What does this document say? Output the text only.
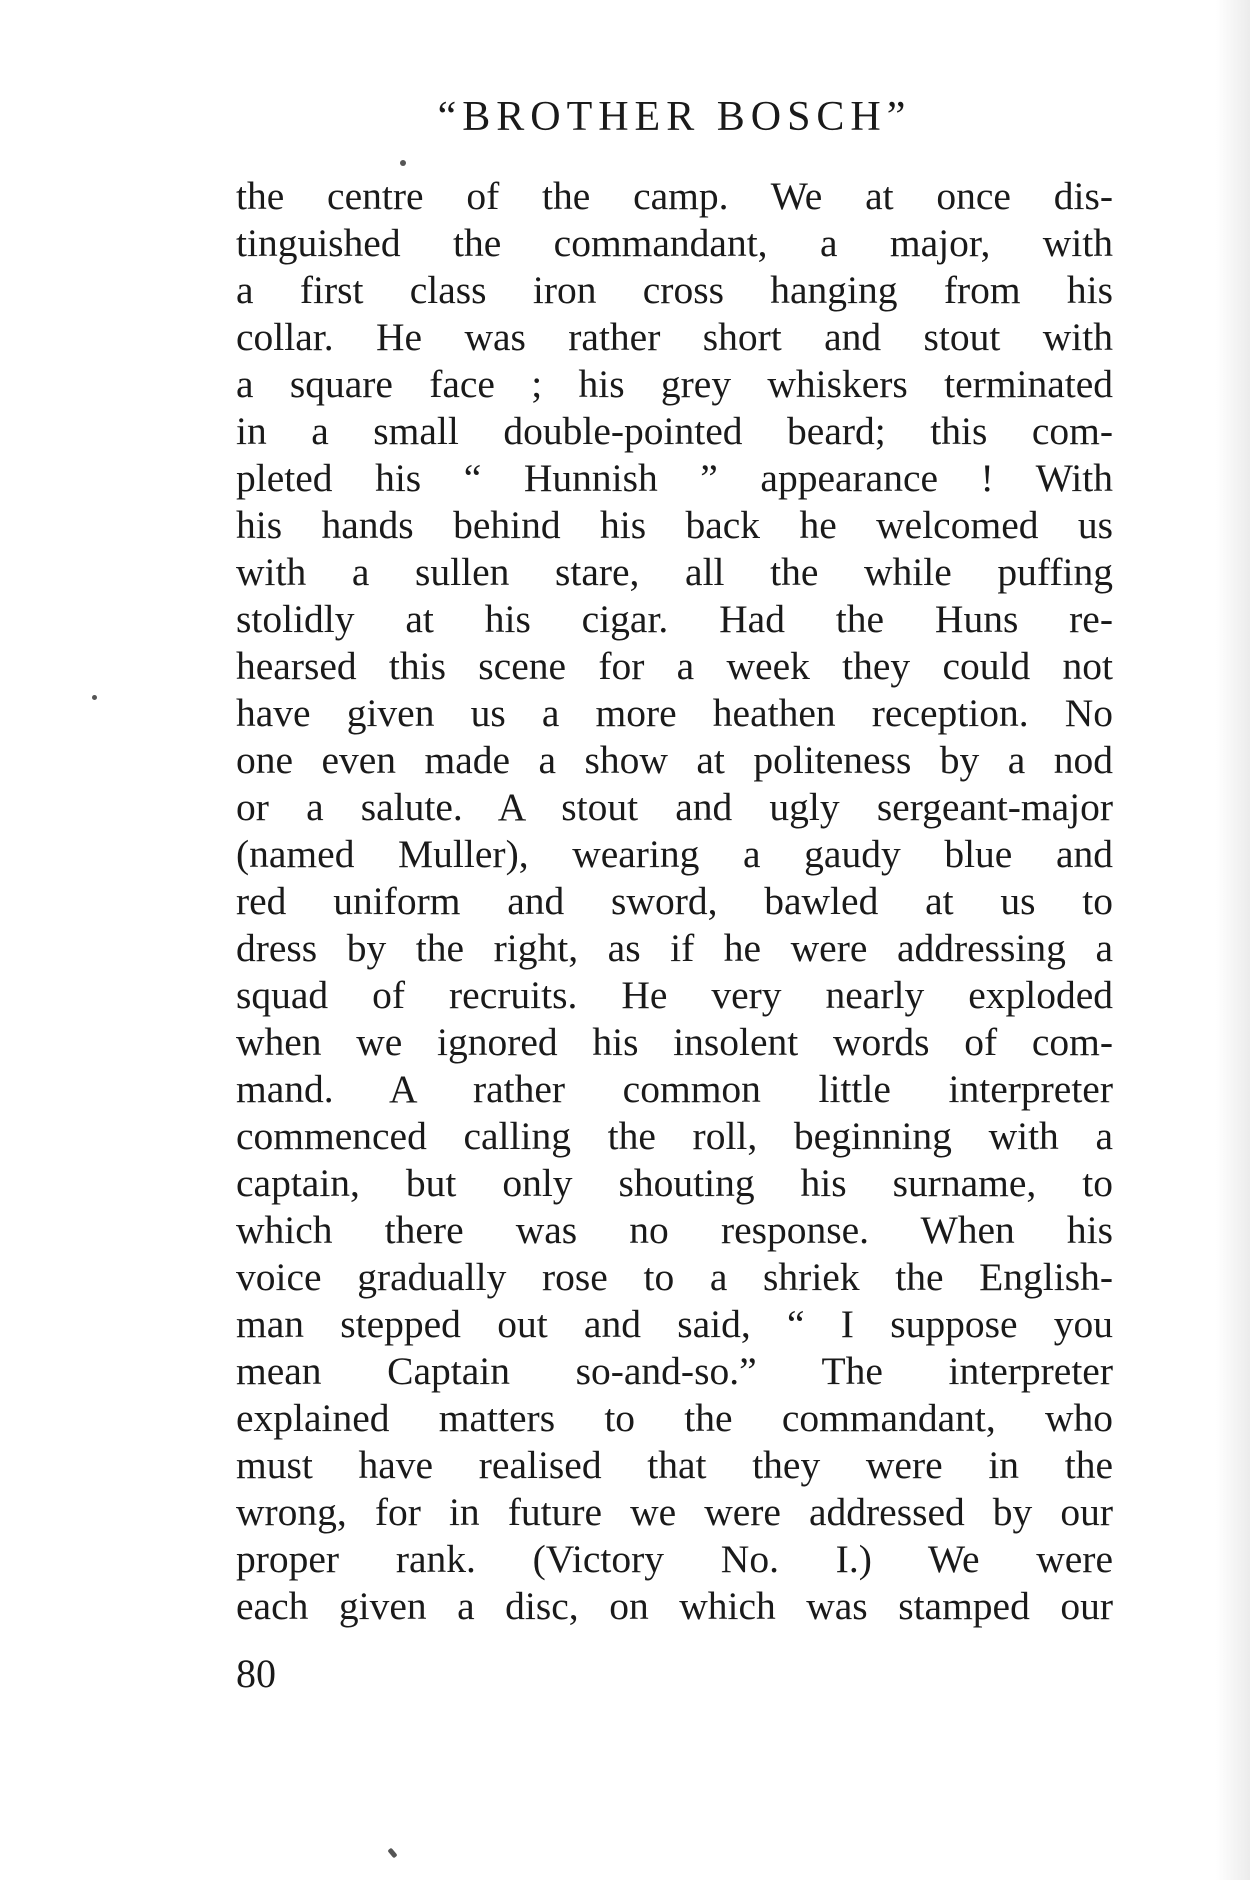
“BROTHER BOSCH”
the centre of the camp. We at once dis-
tinguished the commandant, a major, with
a first class iron cross hanging from his
collar. He was rather short and stout with
a square face ; his grey whiskers terminated
in a small double-pointed beard; this com-
pleted his “ Hunnish ” appearance ! With
his hands behind his back he welcomed us
with a sullen stare, all the while puffing
stolidly at his cigar. Had the Huns re-
hearsed this scene for a week they could not
have given us a more heathen reception. No
one even made a show at politeness by a nod
or a salute. A stout and ugly sergeant-major
(named Muller), wearing a gaudy blue and
red uniform and sword, bawled at us to
dress by the right, as if he were addressing a
squad of recruits. He very nearly exploded
when we ignored his insolent words of com-
mand. A rather common little interpreter
commenced calling the roll, beginning with a
captain, but only shouting his surname, to
which there was no response. When his
voice gradually rose to a shriek the English-
man stepped out and said, “ I suppose you
mean Captain so-and-so.” The interpreter
explained matters to the commandant, who
must have realised that they were in the
wrong, for in future we were addressed by our
proper rank. (Victory No. I.) We were
each given a disc, on which was stamped our
80
